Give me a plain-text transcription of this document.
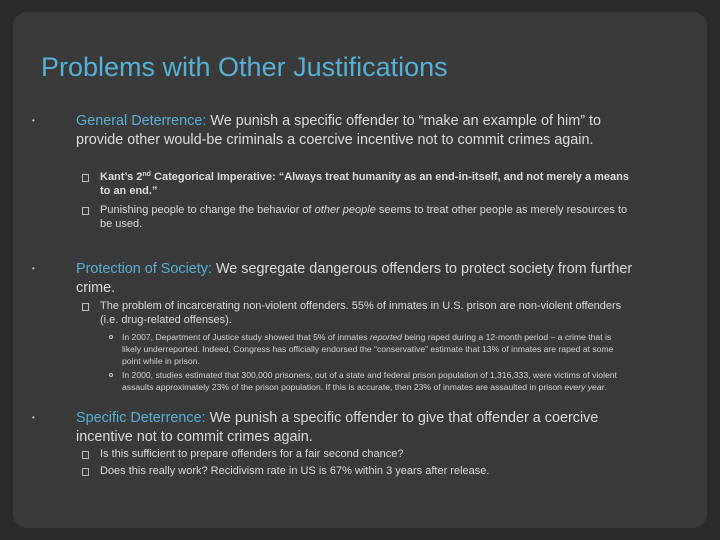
Problems with Other Justifications
•	General Deterrence: We punish a specific offender to “make an example of him” to provide other would-be criminals a coercive incentive not to commit crimes again.
Kant’s 2nd Categorical Imperative: “Always treat humanity as an end-in-itself, and not merely a means to an end.”
Punishing people to change the behavior of other people seems to treat other people as merely resources to be used.
•	Protection of Society: We segregate dangerous offenders to protect society from further crime.
The problem of incarcerating non-violent offenders. 55% of inmates in U.S. prison are non-violent offenders (i.e. drug-related offenses).
In 2007, Department of Justice study showed that 5% of inmates reported being raped during a 12-month period – a crime that is likely underreported. Indeed, Congress has officially endorsed the “conservative” estimate that 13% of inmates are raped at some point while in prison.
In 2000, studies estimated that 300,000 prisoners, out of a state and federal prison population of 1,316,333, were victims of violent assaults approximately 23% of the prison population. If this is accurate, then 23% of inmates are assaulted in prison every year.
•	Specific Deterrence: We punish a specific offender to give that offender a coercive incentive not to commit crimes again.
Is this sufficient to prepare offenders for a fair second chance?
Does this really work? Recidivism rate in US is 67% within 3 years after release.
